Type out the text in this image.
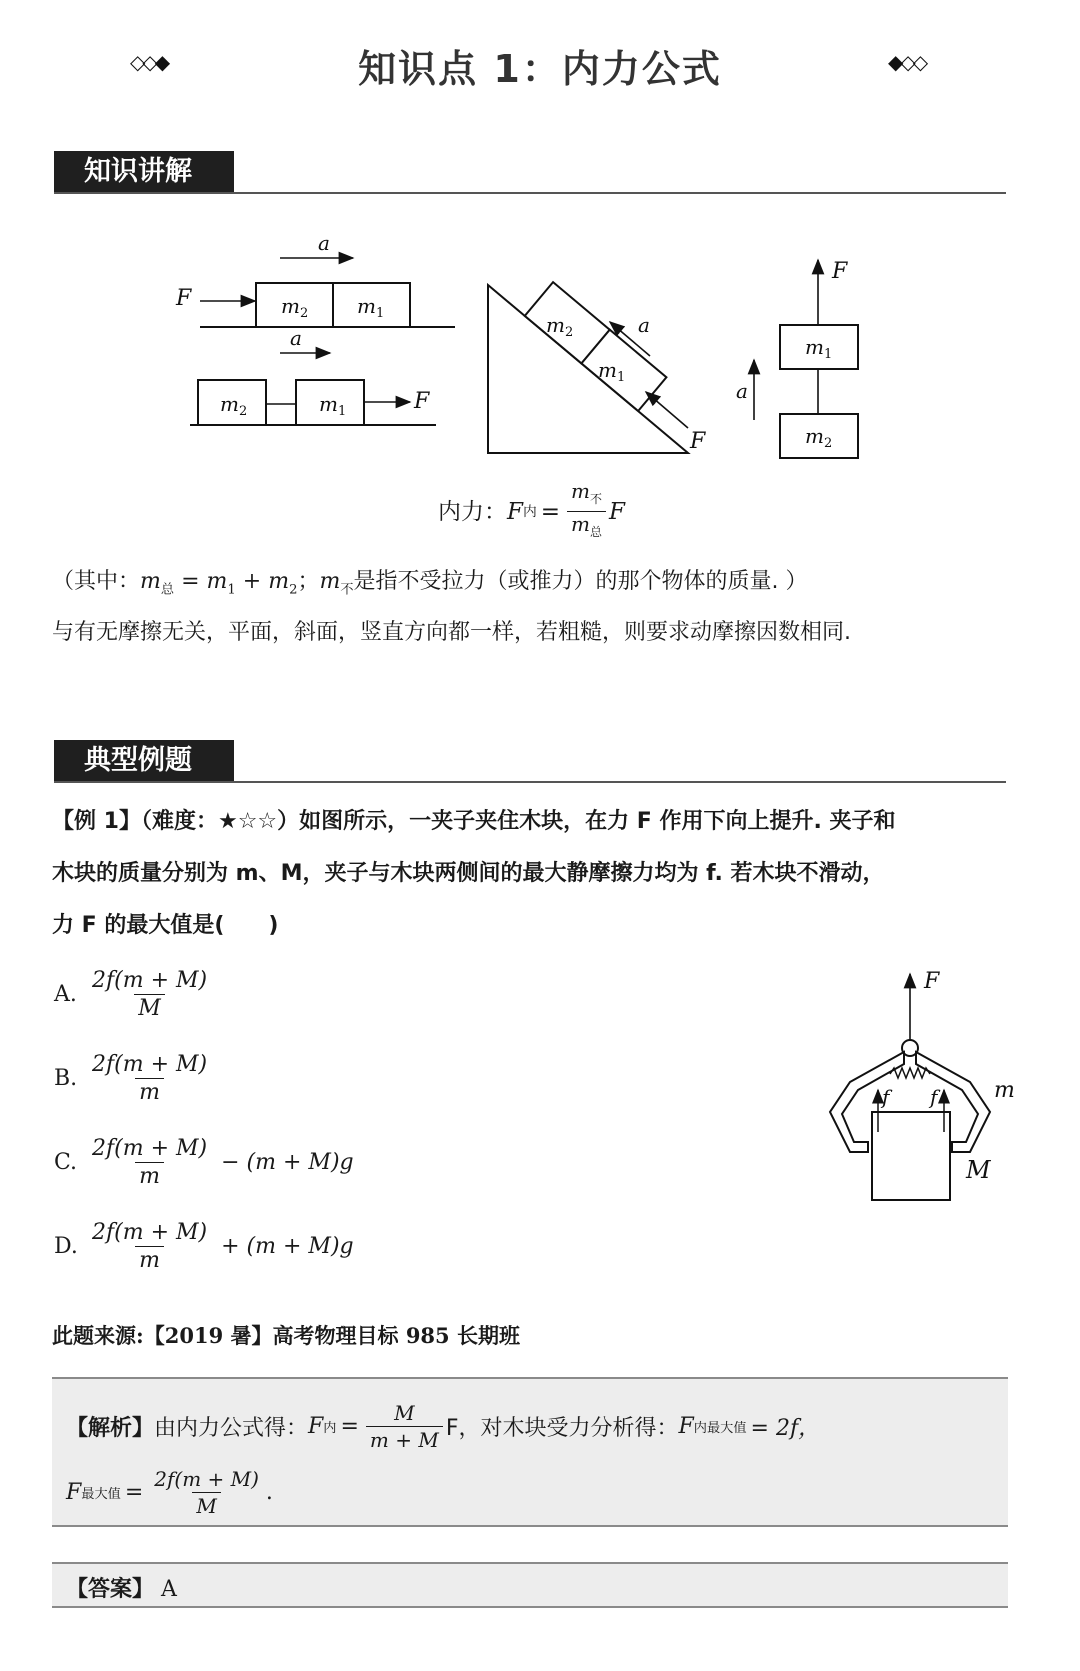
◇◇◆	知识点 1：内力公式	◆◇◇
知识讲解
a
F	$m_2$ $m_1$
a
F
$m_2$	$m_1$
$m_2$
$m_1$
a
F
F
$m_1$
$m_2$
a
内力： F 内 = $\frac{m_不}{m_总}$ F
（其中：$m_总 = m_1 + m_2$；$m_不$是指不受拉力（或推力）的那个物体的质量. ）
与有无摩擦无关，平面，斜面，竖直方向都一样，若粗糙，则要求动摩擦因数相同.
典型例题
【例 1】（难度：★☆☆）如图所示，一夹子夹住木块，在力 F 作用下向上提升. 夹子和
木块的质量分别为 m、M，夹子与木块两侧间的最大静摩擦力均为 f. 若木块不滑动，
力 F 的最大值是(　　)
A. $\frac{2f(m + M)}{M}$
B. $\frac{2f(m + M)}{m}$
C. $\frac{2f(m + M)}{m} - (m + M)g$
D. $\frac{2f(m + M)}{m} + (m + M)g$
F
f f	m
M
此题来源:【2019 暑】高考物理目标 985 长期班
【解析】 由内力公式得： F 内 = $\frac{M}{m + M}$ F，对木块受力分析得： F 内最大值 = 2f，
F 最大值 = $\frac{2f(m + M)}{M}$ .
【答案】 A
